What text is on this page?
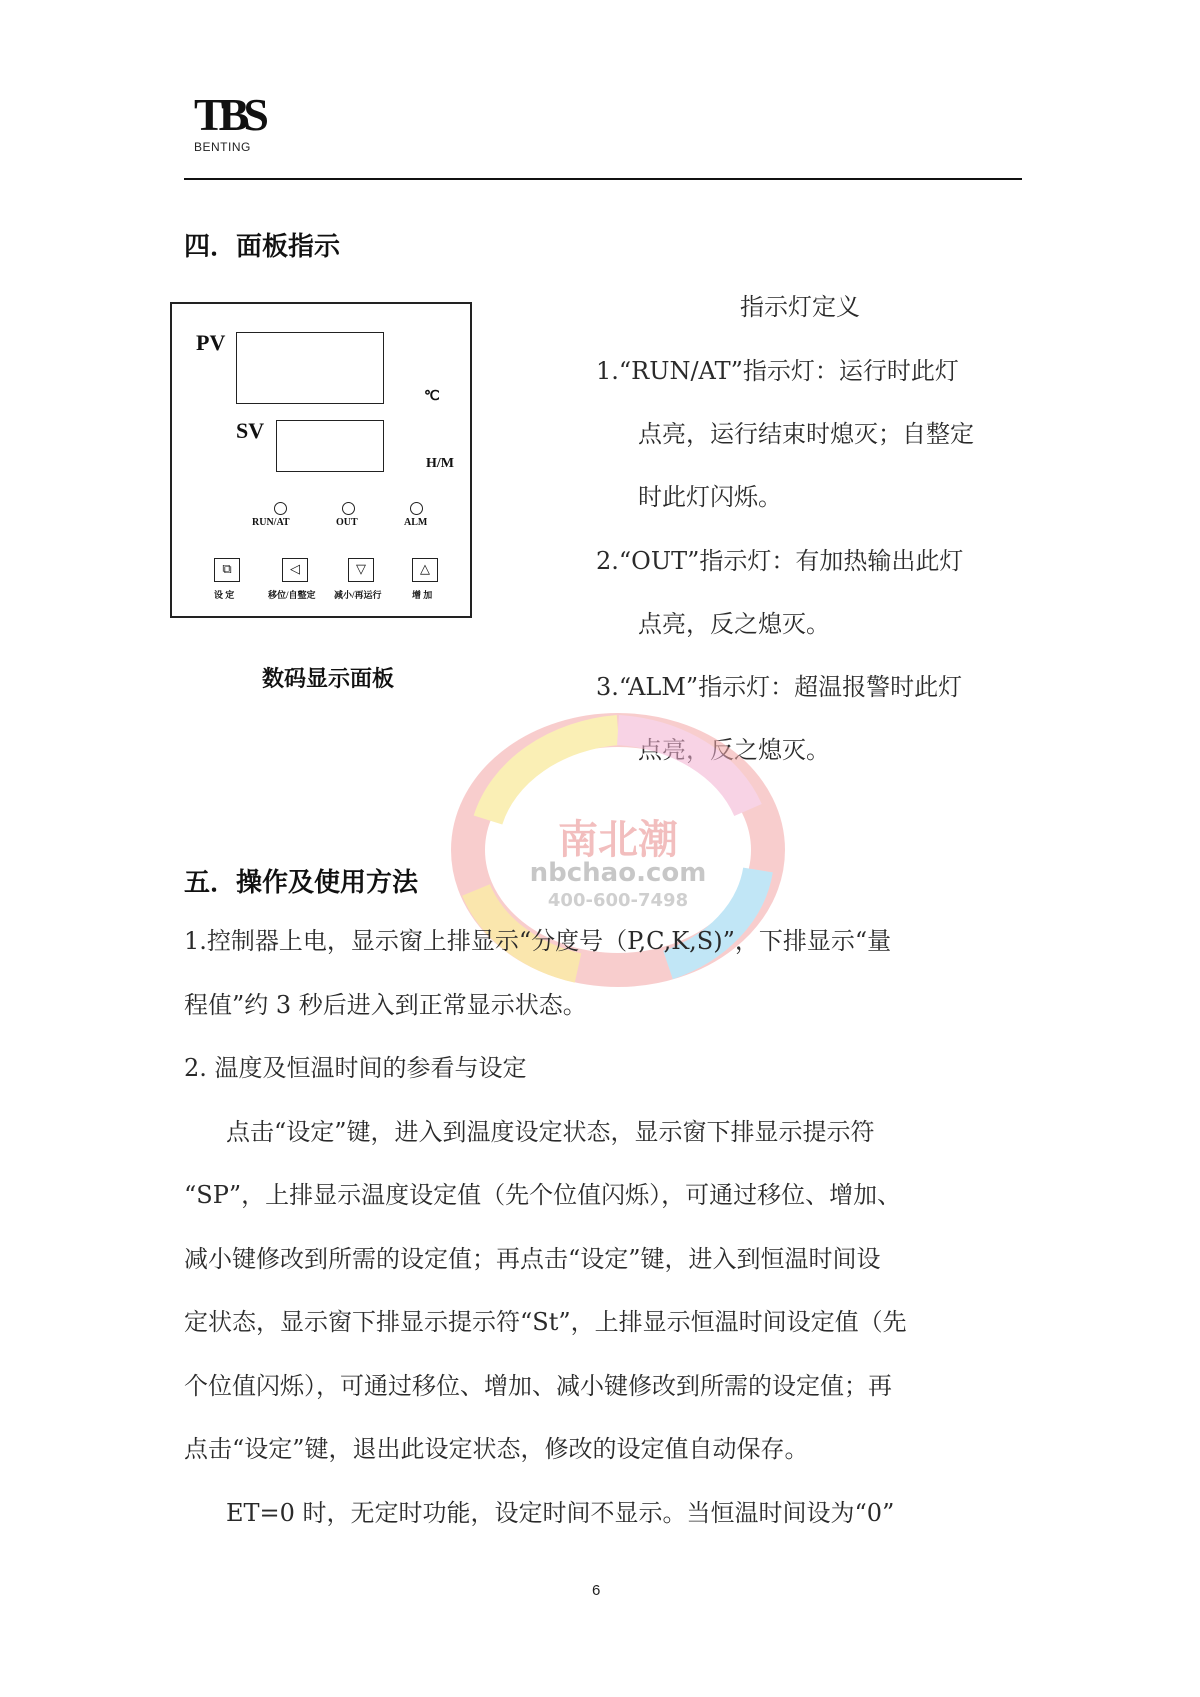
TBS
BENTING
四．面板指示
PV
℃
SV
H/M
RUN/AT	OUT	ALM
⧉
设 定
◁
移位/自整定
▽
减小/再运行
△
增 加
数码显示面板
指示灯定义
1.“RUN/AT”指示灯：运行时此灯
点亮，运行结束时熄灭；自整定
时此灯闪烁。
2.“OUT”指示灯：有加热输出此灯
点亮，反之熄灭。
3.“ALM”指示灯：超温报警时此灯
点亮，反之熄灭。
南北潮
nbchao.com
400-600-7498
五．操作及使用方法
1.控制器上电，显示窗上排显示“分度号（P,C,K,S)”，下排显示“量
程值”约 3 秒后进入到正常显示状态。
2. 温度及恒温时间的参看与设定
点击“设定”键，进入到温度设定状态，显示窗下排显示提示符
“SP”，上排显示温度设定值（先个位值闪烁），可通过移位、增加、
减小键修改到所需的设定值；再点击“设定”键，进入到恒温时间设
定状态，显示窗下排显示提示符“St”，上排显示恒温时间设定值（先
个位值闪烁），可通过移位、增加、减小键修改到所需的设定值；再
点击“设定”键，退出此设定状态，修改的设定值自动保存。
ET=0 时，无定时功能，设定时间不显示。当恒温时间设为“0”
6
